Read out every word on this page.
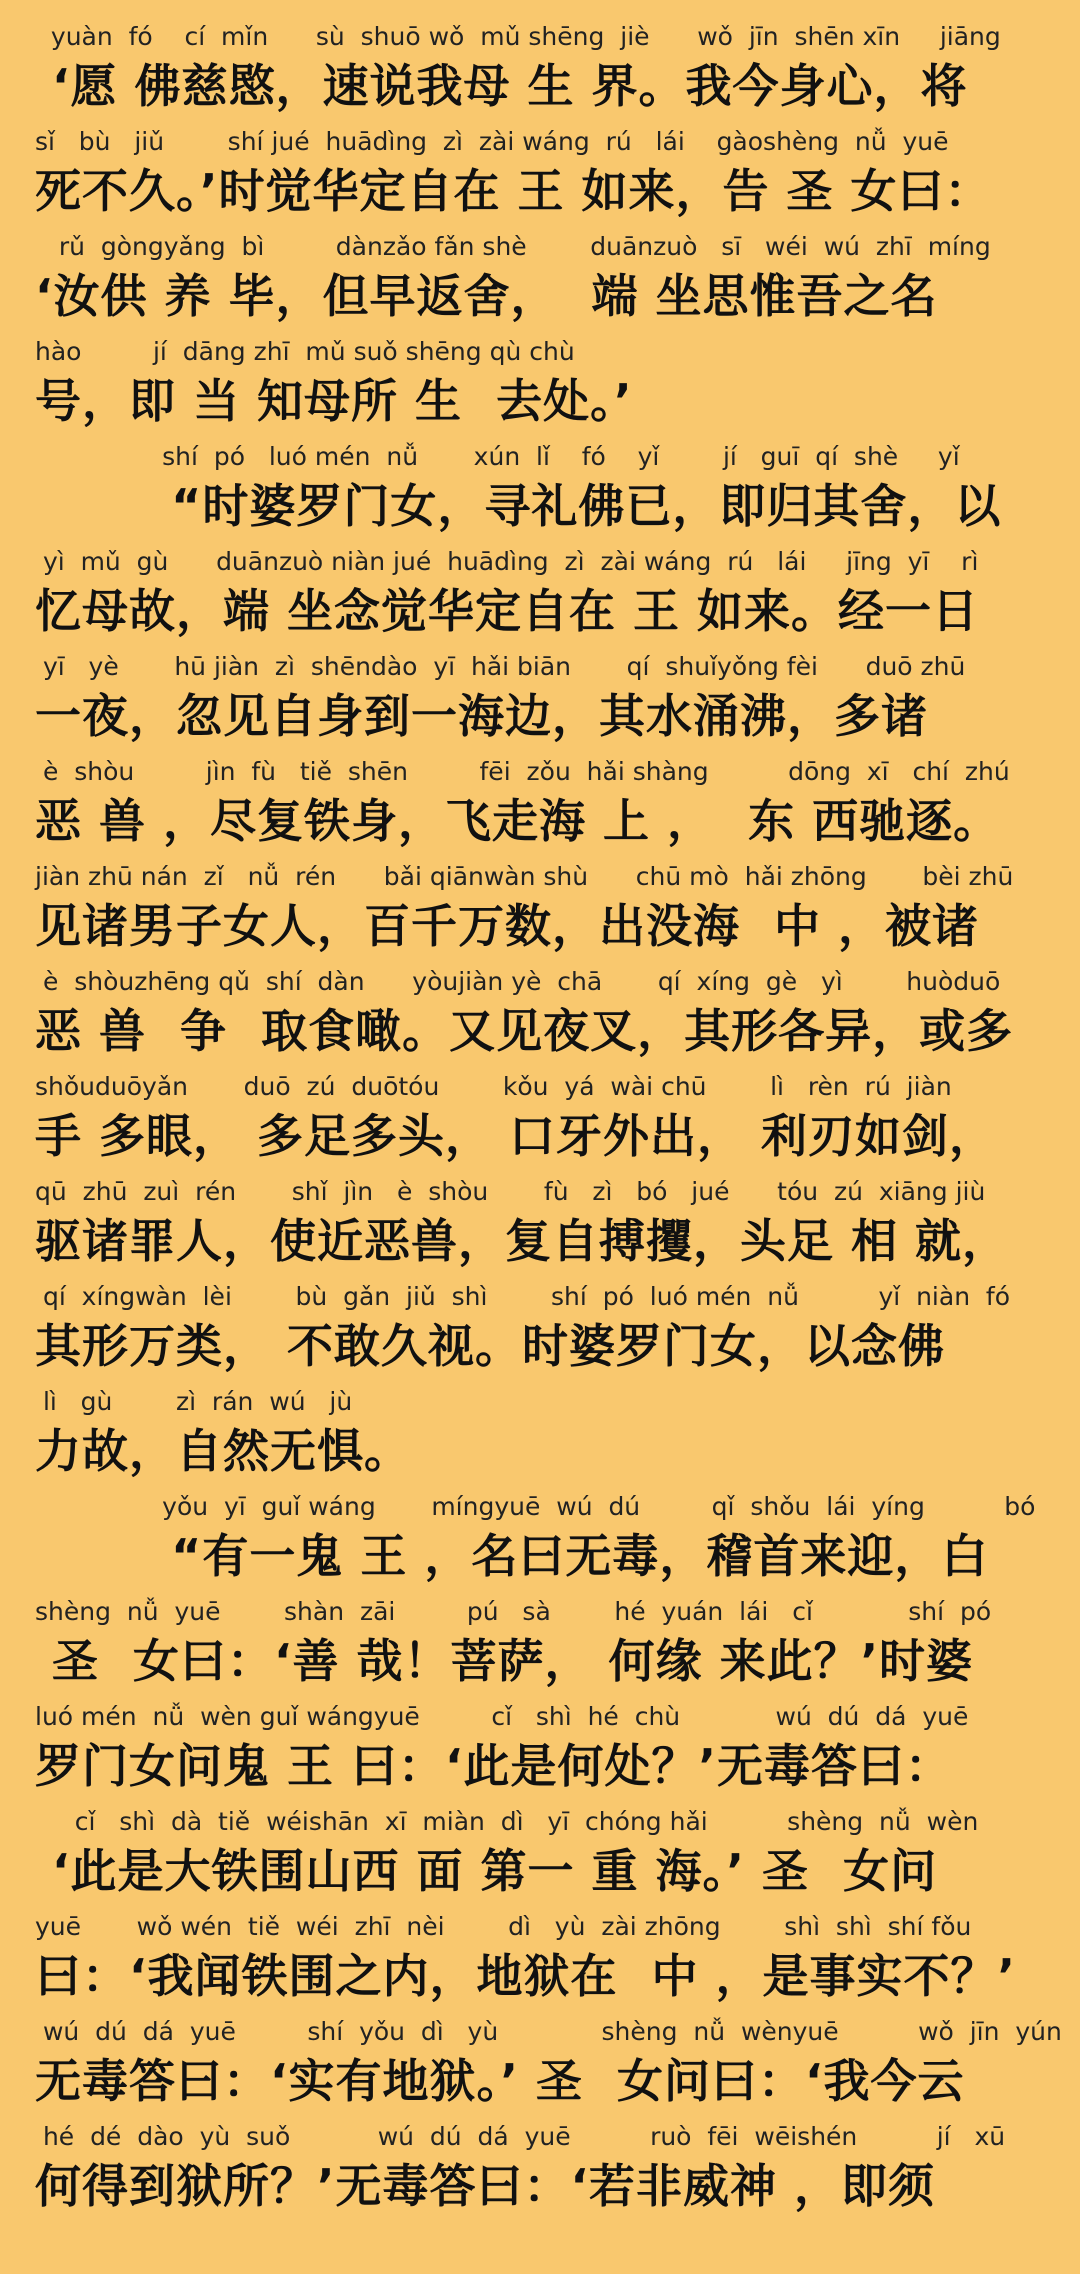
yuàn  fó    cí  mǐn      sù  shuō wǒ  mǔ shēng  jiè      wǒ  jīn  shēn xīn     jiāng
‘愿 佛慈愍，速说我母 生 界。我今身心，将
sǐ   bù   jiǔ        shí jué  huādìng  zì  zài wáng  rú   lái    gàoshèng  nǚ  yuē
死不久。’时觉华定自在 王 如来，告 圣 女曰：
rǔ  gòngyǎng  bì         dànzǎo fǎn shè        duānzuò   sī   wéi  wú  zhī  míng
‘汝供 养 毕，但早返舍，  端 坐思惟吾之名
hào         jí  dāng zhī  mǔ suǒ shēng qù chù
号，即 当 知母所 生  去处。’
shí  pó   luó mén  nǚ       xún  lǐ    fó    yǐ        jí   guī  qí  shè     yǐ
“时婆罗门女，寻礼佛已，即归其舍，以
yì  mǔ  gù      duānzuò niàn jué  huādìng  zì  zài wáng  rú   lái     jīng  yī    rì
忆母故，端 坐念觉华定自在 王 如来。经一日
yī   yè       hū jiàn  zì  shēndào  yī  hǎi biān       qí  shuǐyǒng fèi      duō zhū
一夜，忽见自身到一海边，其水涌沸，多诸
è  shòu         jìn  fù   tiě  shēn         fēi  zǒu  hǎi shàng          dōng  xī   chí  zhú
恶 兽 ，尽复铁身，飞走海 上 ，  东 西驰逐。
jiàn zhū nán  zǐ   nǚ  rén      bǎi qiānwàn shù      chū mò  hǎi zhōng       bèi zhū
见诸男子女人，百千万数，出没海  中 ，被诸
è  shòuzhēng qǔ  shí  dàn      yòujiàn yè  chā       qí  xíng  gè   yì        huòduō
恶 兽  争  取食噉。又见夜叉，其形各异，或多
shǒuduōyǎn       duō  zú  duōtóu        kǒu  yá  wài chū        lì   rèn  rú  jiàn
手 多眼， 多足多头， 口牙外出， 利刃如剑，
qū  zhū  zuì  rén       shǐ  jìn   è  shòu       fù   zì   bó   jué      tóu  zú  xiāng jiù
驱诸罪人，使近恶兽，复自搏攫，头足 相 就，
qí  xíngwàn  lèi        bù  gǎn  jiǔ  shì        shí  pó  luó mén  nǚ          yǐ  niàn  fó
其形万类， 不敢久视。时婆罗门女，以念佛
lì   gù        zì  rán  wú   jù
力故，自然无惧。
yǒu  yī  guǐ wáng       míngyuē  wú  dú         qǐ  shǒu  lái  yíng          bó
“有一鬼 王 ，名曰无毒，稽首来迎，白
shèng  nǚ  yuē        shàn  zāi         pú   sà        hé  yuán  lái   cǐ            shí  pó
圣  女曰：‘善 哉！菩萨， 何缘 来此？’时婆
luó mén  nǚ  wèn guǐ wángyuē         cǐ   shì  hé  chù            wú  dú  dá  yuē
罗门女问鬼 王 曰：‘此是何处？’无毒答曰：
cǐ   shì  dà  tiě  wéishān  xī  miàn  dì   yī  chóng hǎi          shèng  nǚ  wèn
‘此是大铁围山西 面 第一 重 海。’ 圣  女问
yuē       wǒ wén  tiě  wéi  zhī  nèi        dì   yù  zài zhōng        shì  shì  shí fǒu
曰：‘我闻铁围之内，地狱在  中 ，是事实不？’
wú  dú  dá  yuē         shí  yǒu  dì   yù             shèng  nǚ  wènyuē          wǒ  jīn  yún
无毒答曰：‘实有地狱。’ 圣  女问曰：‘我今云
hé  dé  dào  yù  suǒ           wú  dú  dá  yuē          ruò  fēi  wēishén          jí   xū
何得到狱所？’无毒答曰：‘若非威神 ，即须
